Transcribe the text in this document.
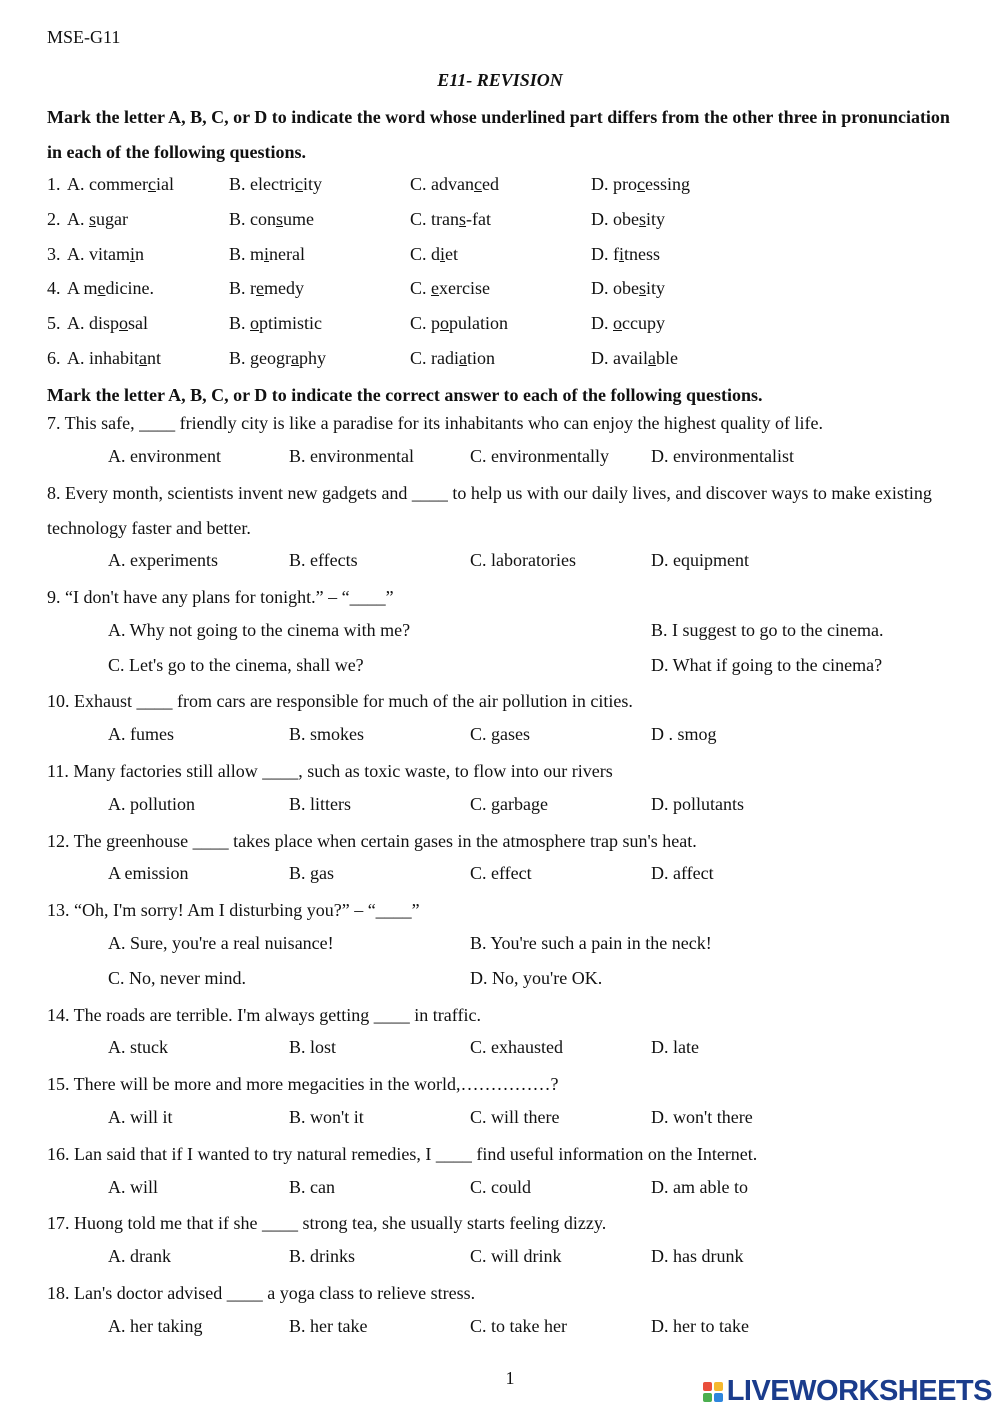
MSE-G11
E11- REVISION
Mark the letter A, B, C, or D to indicate the word whose underlined part differs from the other three in pronunciation in each of the following questions.
1. A. commercial	B. electricity	C. advanced	D. processing
2. A. sugar	B. consume	C. trans-fat	D. obesity
3. A. vitamin	B. mineral	C. diet	D. fitness
4. A medicine.	B. remedy	C. exercise	D. obesity
5. A. disposal	B. optimistic	C. population	D. occupy
6. A. inhabitant	B. geography	C. radiation	D. available
Mark the letter A, B, C, or D to indicate the correct answer to each of the following questions.
7. This safe, ____ friendly city is like a paradise for its inhabitants who can enjoy the highest quality of life.
A. environment	B. environmental	C. environmentally D. environmentalist
8. Every month, scientists invent new gadgets and ____ to help us with our daily lives, and discover ways to make existing technology faster and better.
A. experiments	B. effects	C. laboratories	D. equipment
9. “I don't have any plans for tonight.” – “____”
A. Why not going to the cinema with me?	B. I suggest to go to the cinema.
C. Let's go to the cinema, shall we?	D. What if going to the cinema?
10. Exhaust ____ from cars are responsible for much of the air pollution in cities.
A. fumes	B. smokes	C. gases	D . smog
11. Many factories still allow ____, such as toxic waste, to flow into our rivers
A. pollution	B. litters	C. garbage	D. pollutants
12. The greenhouse ____ takes place when certain gases in the atmosphere trap sun's heat.
A emission	B. gas	C. effect	D. affect
13. “Oh, I'm sorry! Am I disturbing you?” – “____”
A. Sure, you're a real nuisance!	B. You're such a pain in the neck!
C. No, never mind.	D. No, you're OK.
14. The roads are terrible. I'm always getting ____ in traffic.
A. stuck	B. lost	C. exhausted	D. late
15. There will be more and more megacities in the world,……………?
A. will it	B. won't it	C. will there	D. won't there
16. Lan said that if I wanted to try natural remedies, I ____ find useful information on the Internet.
A. will	B. can	C. could	D. am able to
17. Huong told me that if she ____ strong tea, she usually starts feeling dizzy.
A. drank	B. drinks	C. will drink	D. has drunk
18. Lan's doctor advised ____ a yoga class to relieve stress.
A. her taking	B. her take	C. to take her	D. her to take
1	LIVEWORKSHEETS
